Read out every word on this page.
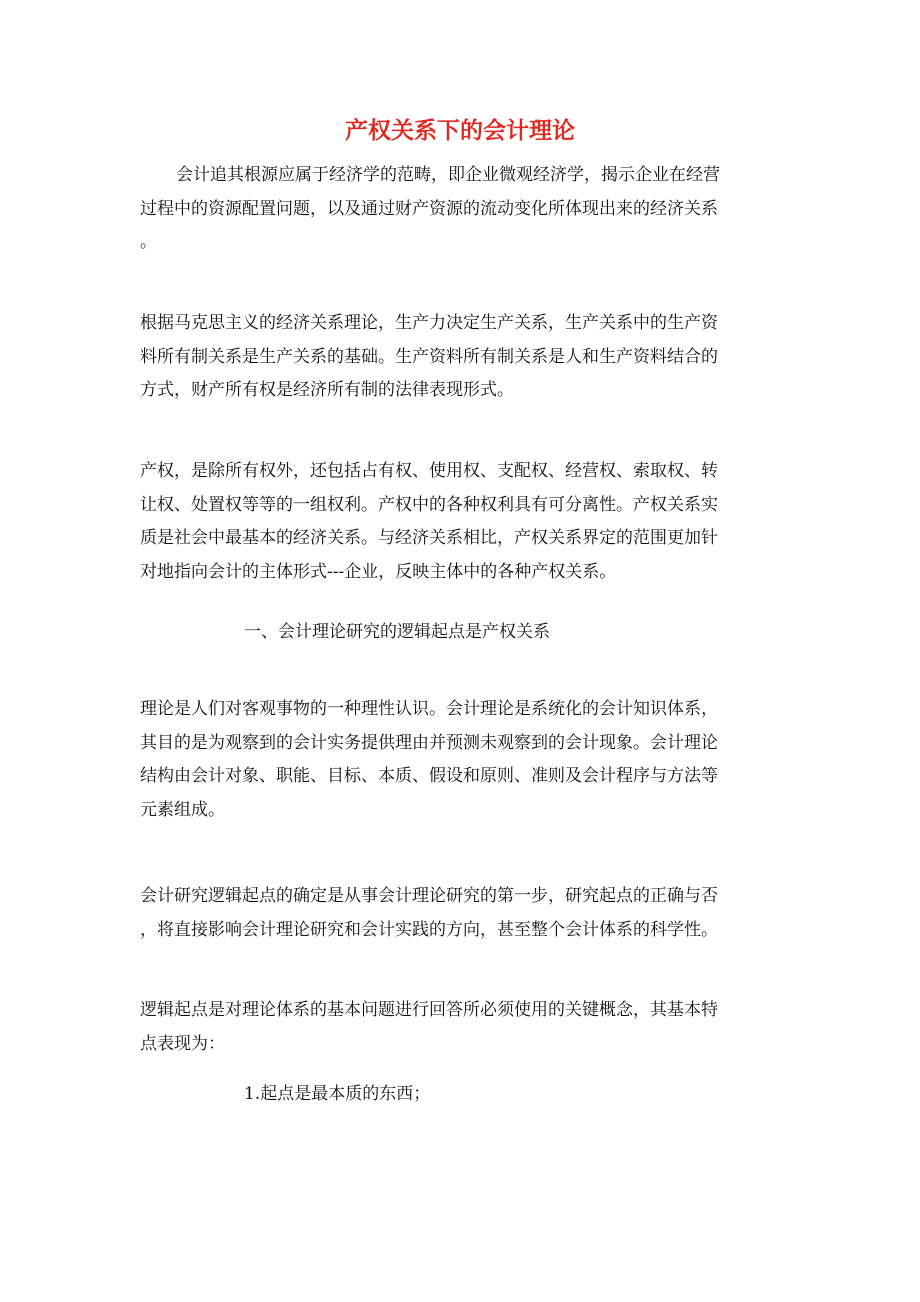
产权关系下的会计理论

会计追其根源应属于经济学的范畴，即企业微观经济学，揭示企业在经营
过程中的资源配置问题，以及通过财产资源的流动变化所体现出来的经济关系
。

根据马克思主义的经济关系理论，生产力决定生产关系，生产关系中的生产资
料所有制关系是生产关系的基础。生产资料所有制关系是人和生产资料结合的
方式，财产所有权是经济所有制的法律表现形式。

产权，是除所有权外，还包括占有权、使用权、支配权、经营权、索取权、转
让权、处置权等等的一组权利。产权中的各种权利具有可分离性。产权关系实
质是社会中最基本的经济关系。与经济关系相比，产权关系界定的范围更加针
对地指向会计的主体形式---企业，反映主体中的各种产权关系。

一、会计理论研究的逻辑起点是产权关系

理论是人们对客观事物的一种理性认识。会计理论是系统化的会计知识体系，
其目的是为观察到的会计实务提供理由并预测未观察到的会计现象。会计理论
结构由会计对象、职能、目标、本质、假设和原则、准则及会计程序与方法等
元素组成。

会计研究逻辑起点的确定是从事会计理论研究的第一步，研究起点的正确与否
，将直接影响会计理论研究和会计实践的方向，甚至整个会计体系的科学性。

逻辑起点是对理论体系的基本问题进行回答所必须使用的关键概念，其基本特
点表现为：

1.起点是最本质的东西；
